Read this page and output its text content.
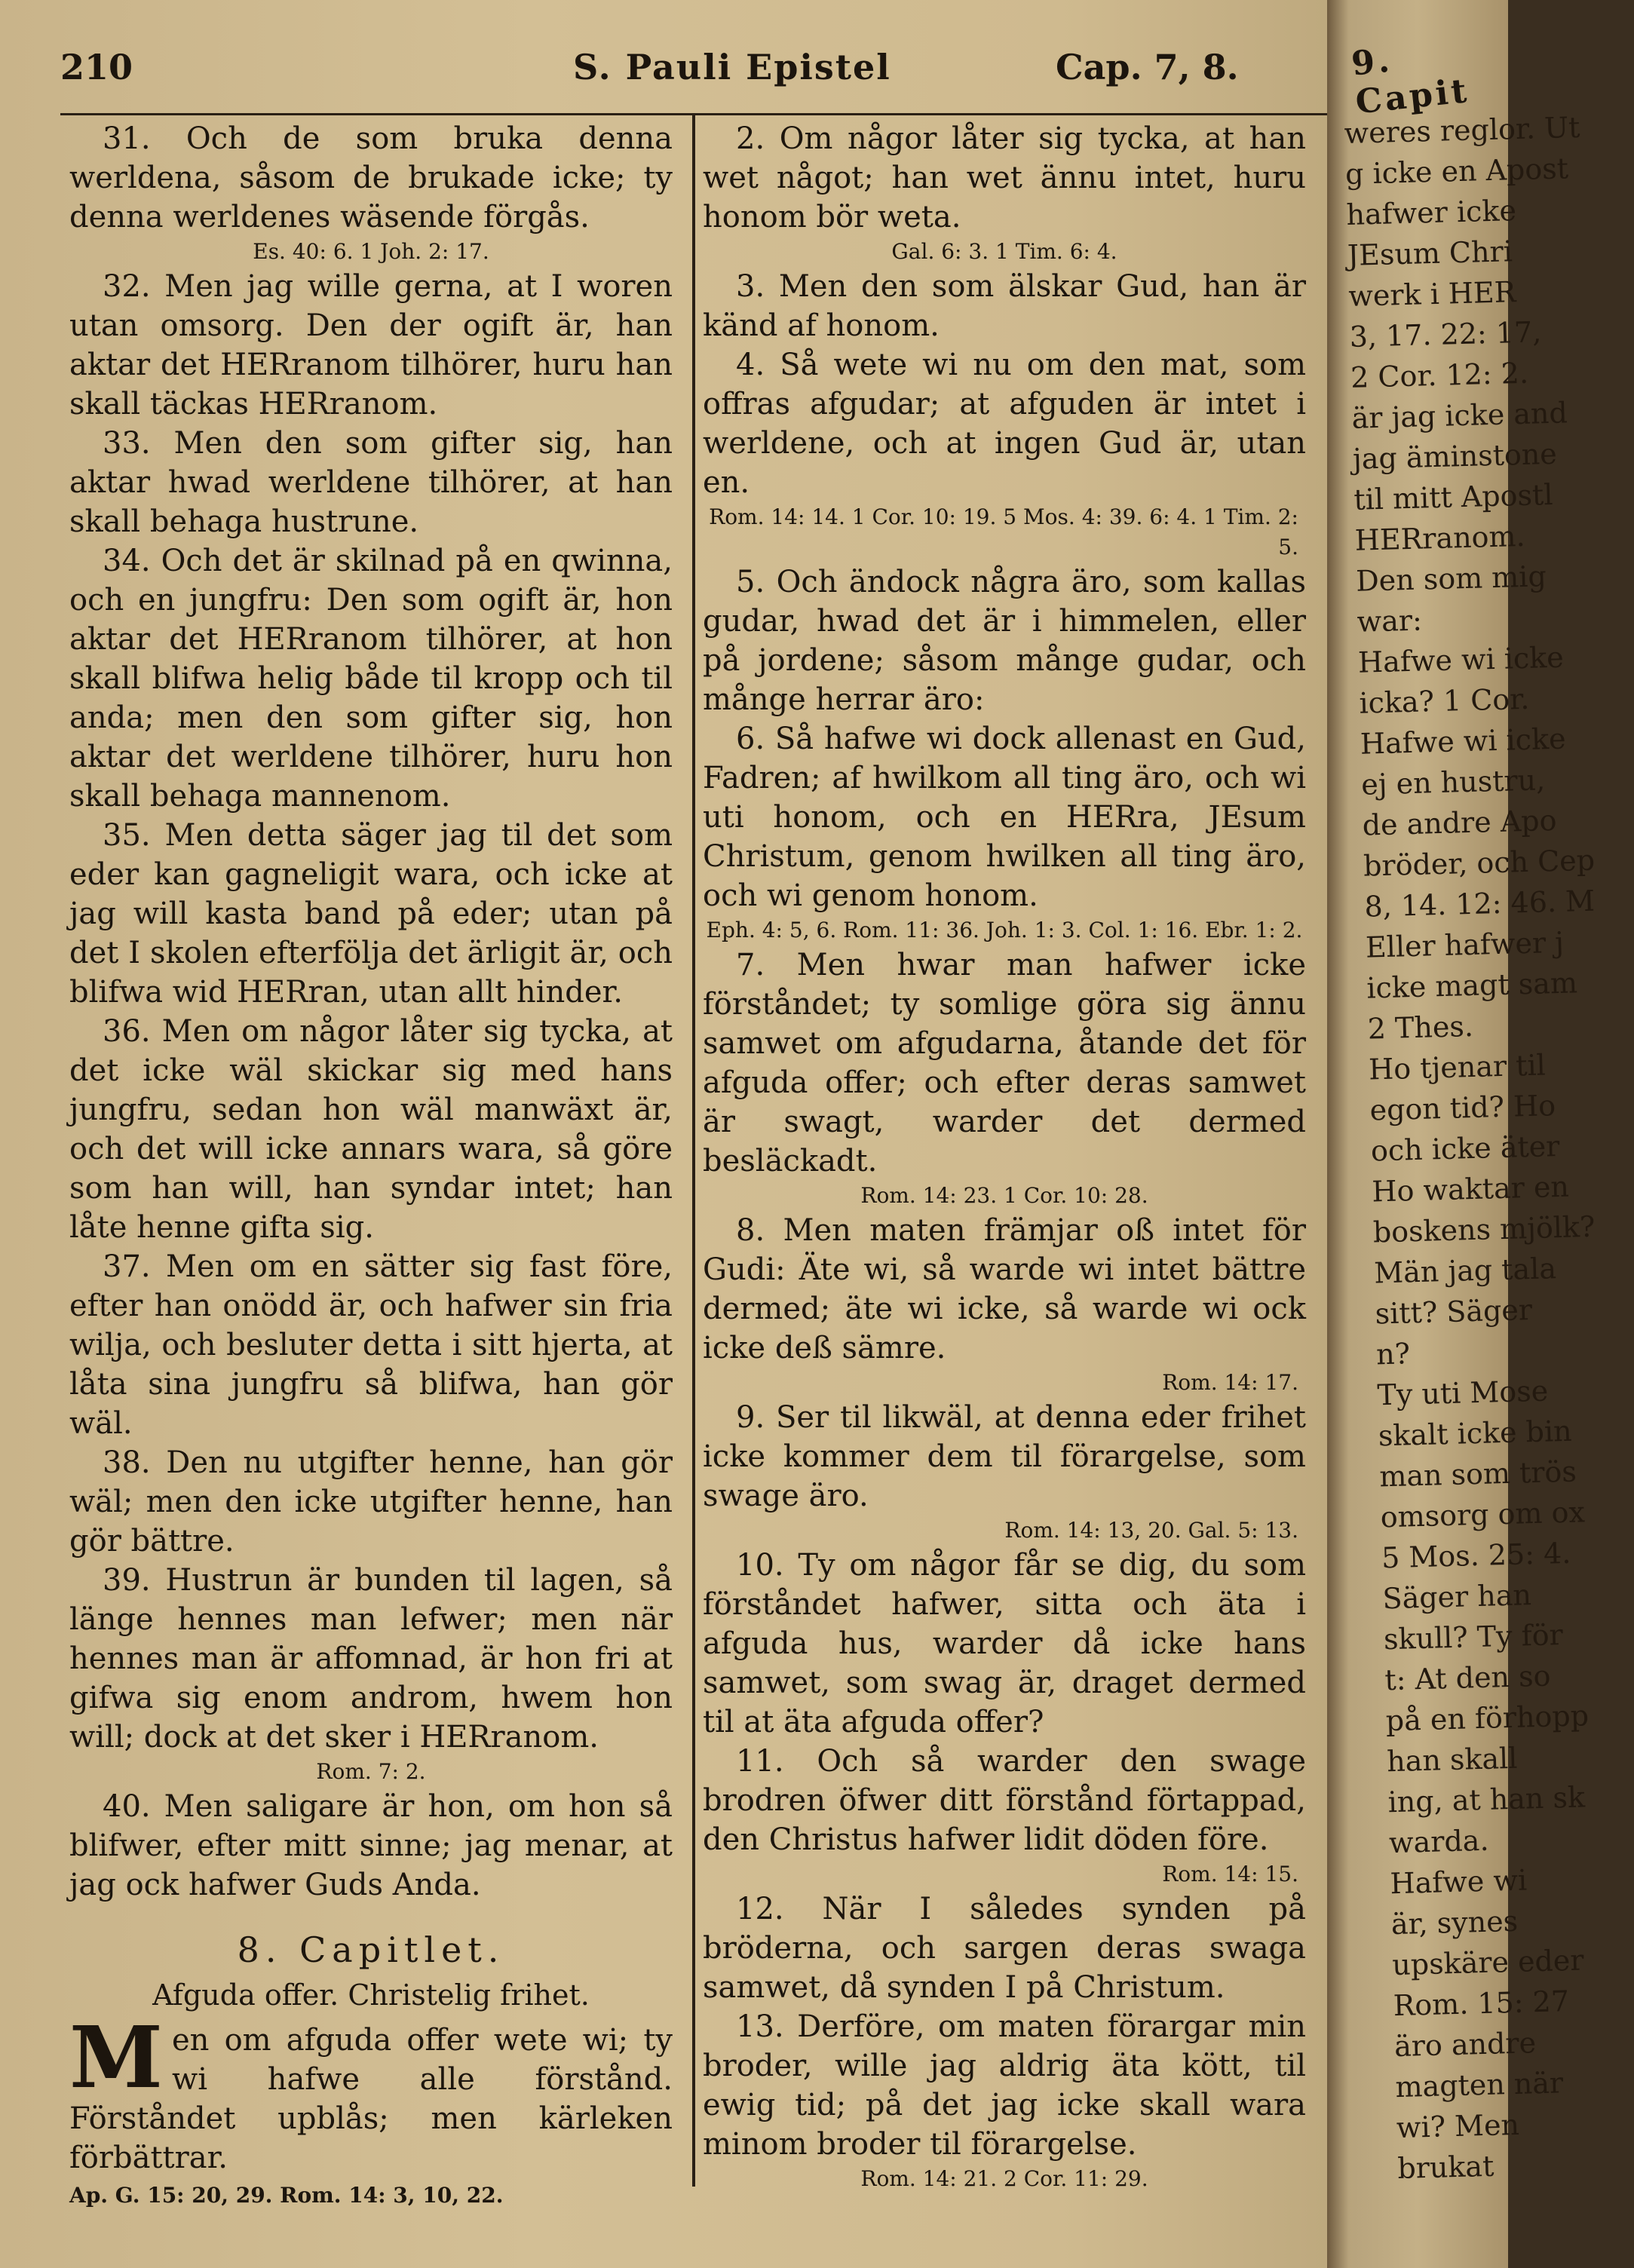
210	S. Pauli Epistel	Cap. 7, 8.

31. Och de som bruka denna werldena, såsom de brukade icke; ty denna werldenes wäsende förgås.

Es. 40: 6. 1 Joh. 2: 17.

32. Men jag wille gerna, at I woren utan omsorg. Den der ogift är, han aktar det HERranom tilhörer, huru han skall täckas HERranom.

33. Men den som gifter sig, han aktar hwad werldene tilhörer, at han skall behaga hustrune.

34. Och det är skilnad på en qwinna, och en jungfru: Den som ogift är, hon aktar det HERranom tilhörer, at hon skall blifwa helig både til kropp och til anda; men den som gifter sig, hon aktar det werldene tilhörer, huru hon skall behaga mannenom.

35. Men detta säger jag til det som eder kan gagneligit wara, och icke at jag will kasta band på eder; utan på det I skolen efterfölja det ärligit är, och blifwa wid HERran, utan allt hinder.

36. Men om någor låter sig tycka, at det icke wäl skickar sig med hans jungfru, sedan hon wäl manwäxt är, och det will icke annars wara, så göre som han will, han syndar intet; han låte henne gifta sig.

37. Men om en sätter sig fast före, efter han onödd är, och hafwer sin fria wilja, och besluter detta i sitt hjerta, at låta sina jungfru så blifwa, han gör wäl.

38. Den nu utgifter henne, han gör wäl; men den icke utgifter henne, han gör bättre.

39. Hustrun är bunden til lagen, så länge hennes man lefwer; men när hennes man är affomnad, är hon fri at gifwa sig enom androm, hwem hon will; dock at det sker i HERranom.

Rom. 7: 2.

40. Men saligare är hon, om hon så blifwer, efter mitt sinne; jag menar, at jag ock hafwer Guds Anda.

8. Capitlet.
Afguda offer. Christelig frihet.

Men om afguda offer wete wi; ty wi hafwe alle förstånd. Förståndet upblås; men kärleken förbättrar.

Ap. G. 15: 20, 29. Rom. 14: 3, 10, 22.

2. Om någor låter sig tycka, at han wet något; han wet ännu intet, huru honom bör weta.

Gal. 6: 3. 1 Tim. 6: 4.

3. Men den som älskar Gud, han är känd af honom.

4. Så wete wi nu om den mat, som offras afgudar; at afguden är intet i werldene, och at ingen Gud är, utan en.

Rom. 14: 14. 1 Cor. 10: 19. 5 Mos. 4: 39. 6: 4. 1 Tim. 2: 5.

5. Och ändock några äro, som kallas gudar, hwad det är i himmelen, eller på jordene; såsom månge gudar, och månge herrar äro:

6. Så hafwe wi dock allenast en Gud, Fadren; af hwilkom all ting äro, och wi uti honom, och en HERra, JEsum Christum, genom hwilken all ting äro, och wi genom honom.

Eph. 4: 5, 6. Rom. 11: 36. Joh. 1: 3. Col. 1: 16. Ebr. 1: 2.

7. Men hwar man hafwer icke förståndet; ty somlige göra sig ännu samwet om afgudarna, åtande det för afguda offer; och efter deras samwet är swagt, warder det dermed besläckadt.

Rom. 14: 23. 1 Cor. 10: 28.

8. Men maten främjar oß intet för Gudi: Äte wi, så warde wi intet bättre dermed; äte wi icke, så warde wi ock icke deß sämre.

Rom. 14: 17.

9. Ser til likwäl, at denna eder frihet icke kommer dem til förargelse, som swage äro.

Rom. 14: 13, 20. Gal. 5: 13.

10. Ty om någor får se dig, du som förståndet hafwer, sitta och äta i afguda hus, warder då icke hans samwet, som swag är, draget dermed til at äta afguda offer?

11. Och så warder den swage brodren öfwer ditt förstånd förtappad, den Christus hafwer lidit döden före.

Rom. 14: 15.

12. När I således synden på bröderna, och sargen deras swaga samwet, då synden I på Christum.

13. Derföre, om maten förargar min broder, wille jag aldrig äta kött, til ewig tid; på det jag icke skall wara minom broder til förargelse.

Rom. 14: 21. 2 Cor. 11: 29.

9. Capit
weres reglor. Ut
g icke en Apost
hafwer icke
JEsum Chri
werk i HER
3, 17. 22: 17,
2 Cor. 12: 2.
är jag icke and
jag äminstone
til mitt Apostl
HERranom.
Den som mig
war:
Hafwe wi icke
icka? 1 Cor.
Hafwe wi icke
ej en hustru,
de andre Apo
bröder, och Cep
8, 14. 12: 46. M
Eller hafwer j
icke magt sam
2 Thes.
Ho tjenar til
egon tid? Ho
och icke äter
Ho waktar en
boskens mjölk?
Män jag tala
sitt? Säger
n?
Ty uti Mose
skalt icke bin
man som trös
omsorg om ox
5 Mos. 25: 4.
Säger han
skull? Ty för
t: At den so
på en förhopp
han skall
ing, at han sk
warda.
Hafwe wi
är, synes
upskäre eder
Rom. 15: 27
äro andre
magten när
wi? Men
brukat
